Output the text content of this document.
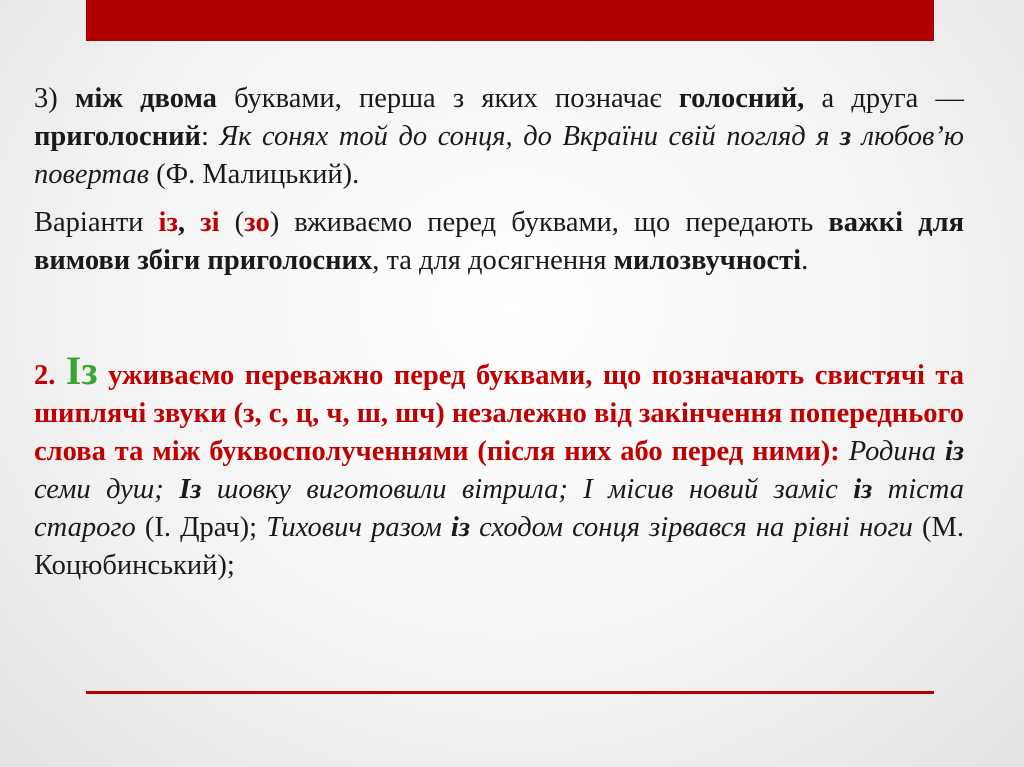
3) між двома буквами, перша з яких позначає голосний, а друга — приголосний: Як сонях той до сонця, до Вкраїни свій погляд я з любов’ю повертав (Ф. Малицький).

Варіанти із, зі (зо) вживаємо перед буквами, що передають важкі для вимови збіги приголосних, та для досягнення милозвучності.

2. Із уживаємо переважно перед буквами, що позначають свистячі та шиплячі звуки (з, с, ц, ч, ш, шч) незалежно від закінчення попереднього слова та між буквосполученнями (після них або перед ними): Родина із семи душ; Із шовку виготовили вітрила; І місив новий заміс із тіста старого (І. Драч); Тихович разом із сходом сонця зірвався на рівні ноги (М. Коцюбинський);
